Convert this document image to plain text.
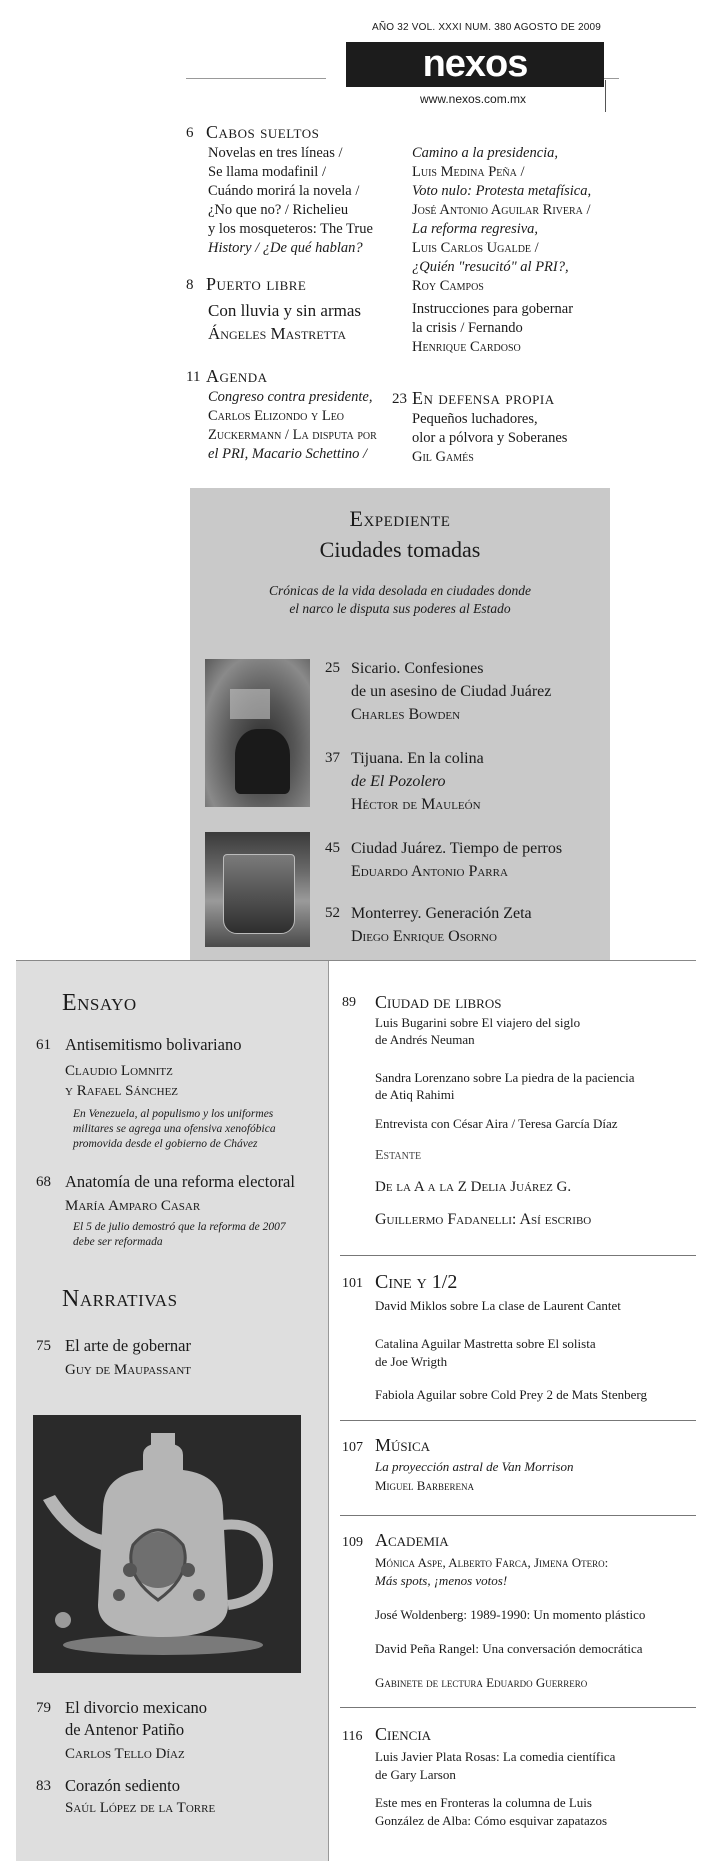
AÑO 32 VOL. XXXI NUM. 380 AGOSTO DE 2009
nexos
www.nexos.com.mx
6 Cabos sueltos
Novelas en tres líneas /
Se llama modafinil /
Cuándo morirá la novela /
¿No que no? / Richelieu
y los mosqueteros: The True
History / ¿De qué hablan?
8 Puerto libre
Con lluvia y sin armas
Ángeles Mastretta
11 Agenda
Congreso contra presidente,
Carlos Elizondo y Leo
Zuckermann / La disputa por
el PRI, Macario Schettino /
Camino a la presidencia,
Luis Medina Peña /
Voto nulo: Protesta metafísica,
José Antonio Aguilar Rivera /
La reforma regresiva,
Luis Carlos Ugalde /
¿Quién "resucitó" al PRI?,
Roy Campos
Instrucciones para gobernar
la crisis / Fernando
Henrique Cardoso
23 En defensa propia
Pequeños luchadores,
olor a pólvora y Soberanes
Gil Gamés
Expediente
Ciudades tomadas
Crónicas de la vida desolada en ciudades donde
el narco le disputa sus poderes al Estado
25 Sicario. Confesiones
de un asesino de Ciudad Juárez
Charles Bowden
37 Tijuana. En la colina
de El Pozolero
Héctor de Mauleón
45 Ciudad Juárez. Tiempo de perros
Eduardo Antonio Parra
52 Monterrey. Generación Zeta
Diego Enrique Osorno
Ensayo
61 Antisemitismo bolivariano
Claudio Lomnitz
y Rafael Sánchez
En Venezuela, al populismo y los uniformes
militares se agrega una ofensiva xenofóbica
promovida desde el gobierno de Chávez
68 Anatomía de una reforma electoral
María Amparo Casar
El 5 de julio demostró que la reforma de 2007
debe ser reformada
Narrativas
75 El arte de gobernar
Guy de Maupassant
79 El divorcio mexicano
de Antenor Patiño
Carlos Tello Díaz
83 Corazón sediento
Saúl López de la Torre
89 Ciudad de libros
Luis Bugarini sobre El viajero del siglo
de Andrés Neuman
Sandra Lorenzano sobre La piedra de la paciencia
de Atiq Rahimi
Entrevista con César Aira / Teresa García Díaz
Estante
De la A a la Z Delia Juárez G.
Guillermo Fadanelli: Así escribo
101 Cine y 1/2
David Miklos sobre La clase de Laurent Cantet
Catalina Aguilar Mastretta sobre El solista
de Joe Wrigth
Fabiola Aguilar sobre Cold Prey 2 de Mats Stenberg
107 Música
La proyección astral de Van Morrison
Miguel Barberena
109 Academia
Mónica Aspe, Alberto Farca, Jimena Otero:
Más spots, ¡menos votos!
José Woldenberg: 1989-1990: Un momento plástico
David Peña Rangel: Una conversación democrática
Gabinete de lectura Eduardo Guerrero
116 Ciencia
Luis Javier Plata Rosas: La comedia científica
de Gary Larson
Este mes en Fronteras la columna de Luis
González de Alba: Cómo esquivar zapatazos
